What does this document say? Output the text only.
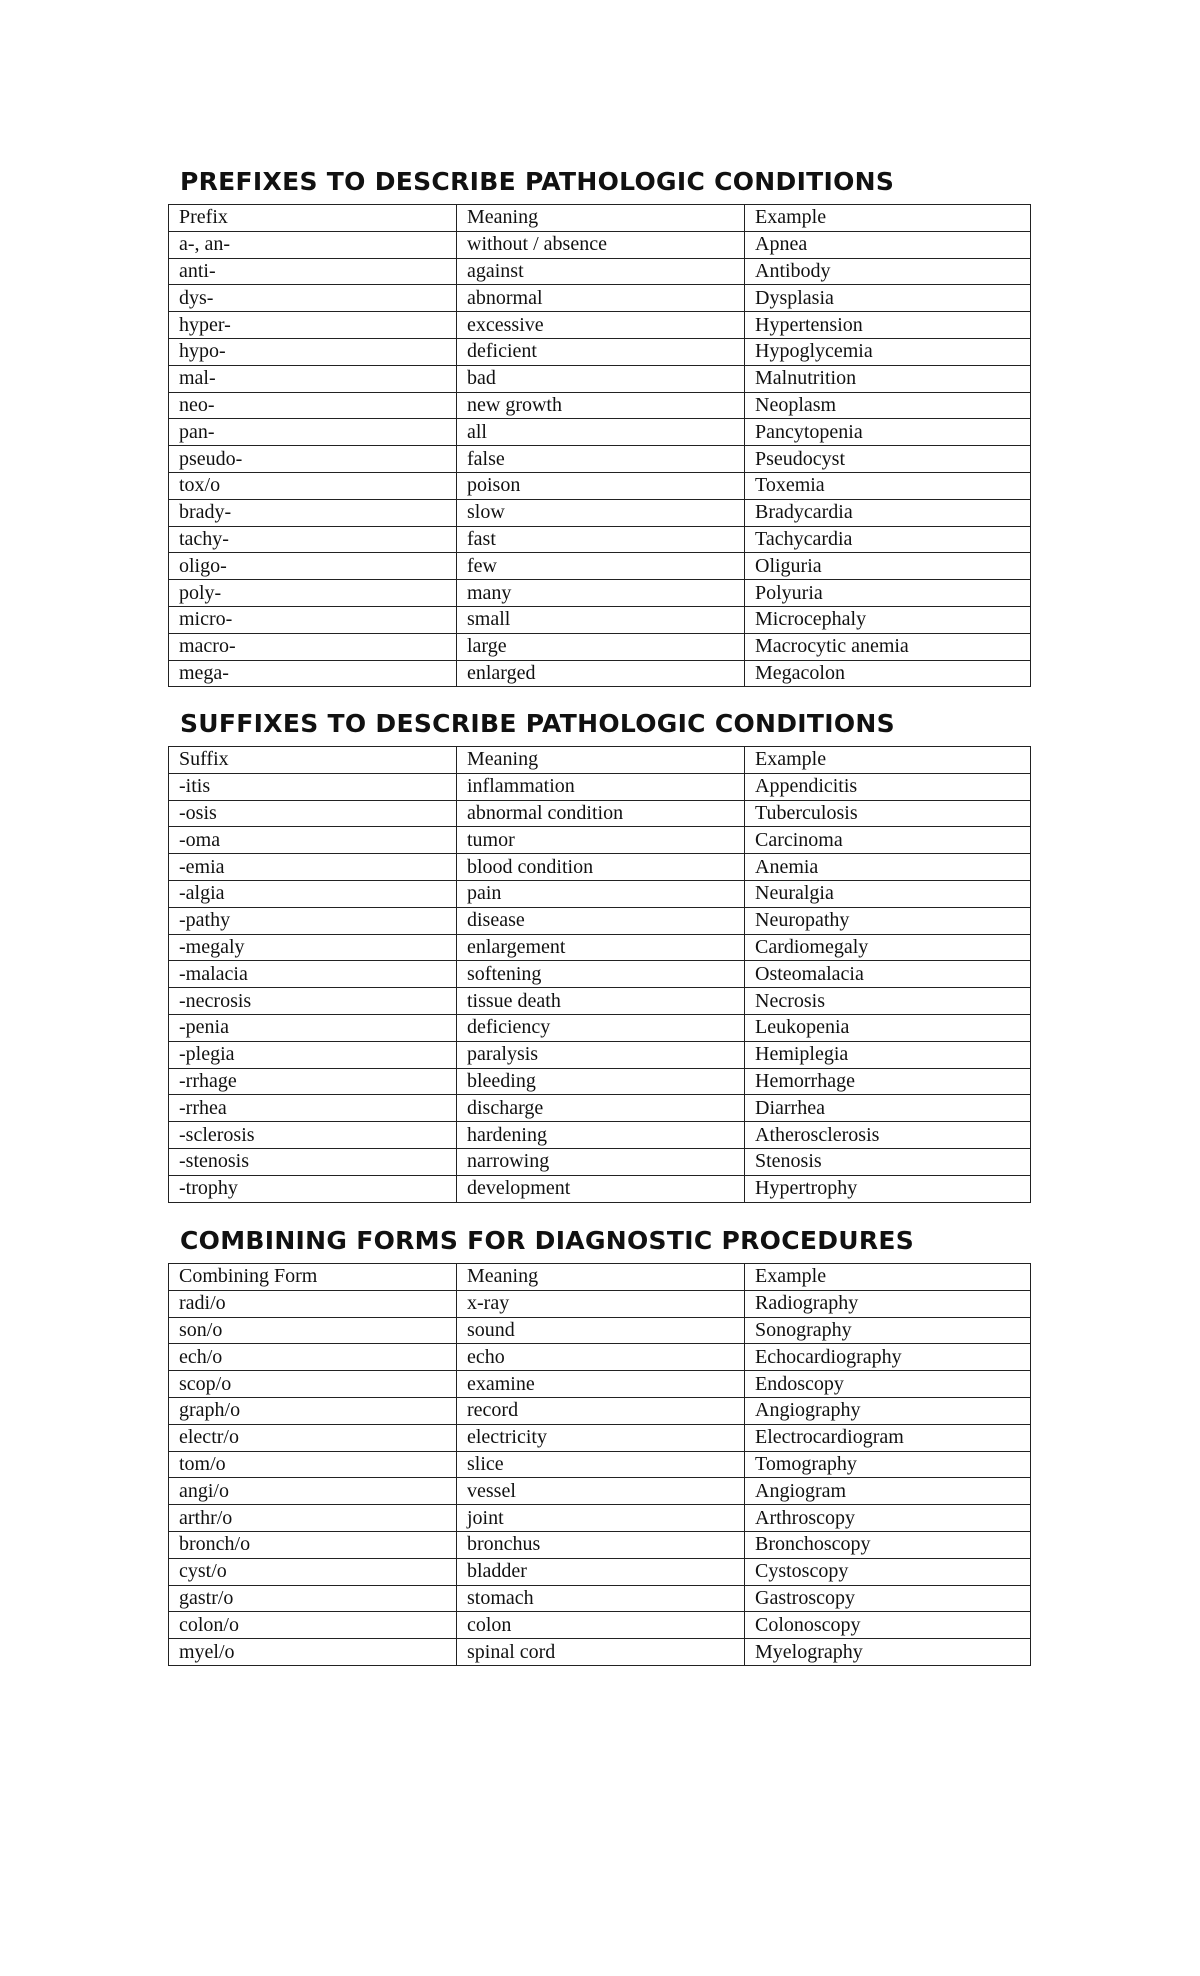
PREFIXES TO DESCRIBE PATHOLOGIC CONDITIONS
Prefix	Meaning	Example
a-, an-	without / absence	Apnea
anti-	against	Antibody
dys-	abnormal	Dysplasia
hyper-	excessive	Hypertension
hypo-	deficient	Hypoglycemia
mal-	bad	Malnutrition
neo-	new growth	Neoplasm
pan-	all	Pancytopenia
pseudo-	false	Pseudocyst
tox/o	poison	Toxemia
brady-	slow	Bradycardia
tachy-	fast	Tachycardia
oligo-	few	Oliguria
poly-	many	Polyuria
micro-	small	Microcephaly
macro-	large	Macrocytic anemia
mega-	enlarged	Megacolon
SUFFIXES TO DESCRIBE PATHOLOGIC CONDITIONS
Suffix	Meaning	Example
-itis	inflammation	Appendicitis
-osis	abnormal condition	Tuberculosis
-oma	tumor	Carcinoma
-emia	blood condition	Anemia
-algia	pain	Neuralgia
-pathy	disease	Neuropathy
-megaly	enlargement	Cardiomegaly
-malacia	softening	Osteomalacia
-necrosis	tissue death	Necrosis
-penia	deficiency	Leukopenia
-plegia	paralysis	Hemiplegia
-rrhage	bleeding	Hemorrhage
-rrhea	discharge	Diarrhea
-sclerosis	hardening	Atherosclerosis
-stenosis	narrowing	Stenosis
-trophy	development	Hypertrophy
COMBINING FORMS FOR DIAGNOSTIC PROCEDURES
Combining Form	Meaning	Example
radi/o	x-ray	Radiography
son/o	sound	Sonography
ech/o	echo	Echocardiography
scop/o	examine	Endoscopy
graph/o	record	Angiography
electr/o	electricity	Electrocardiogram
tom/o	slice	Tomography
angi/o	vessel	Angiogram
arthr/o	joint	Arthroscopy
bronch/o	bronchus	Bronchoscopy
cyst/o	bladder	Cystoscopy
gastr/o	stomach	Gastroscopy
colon/o	colon	Colonoscopy
myel/o	spinal cord	Myelography
